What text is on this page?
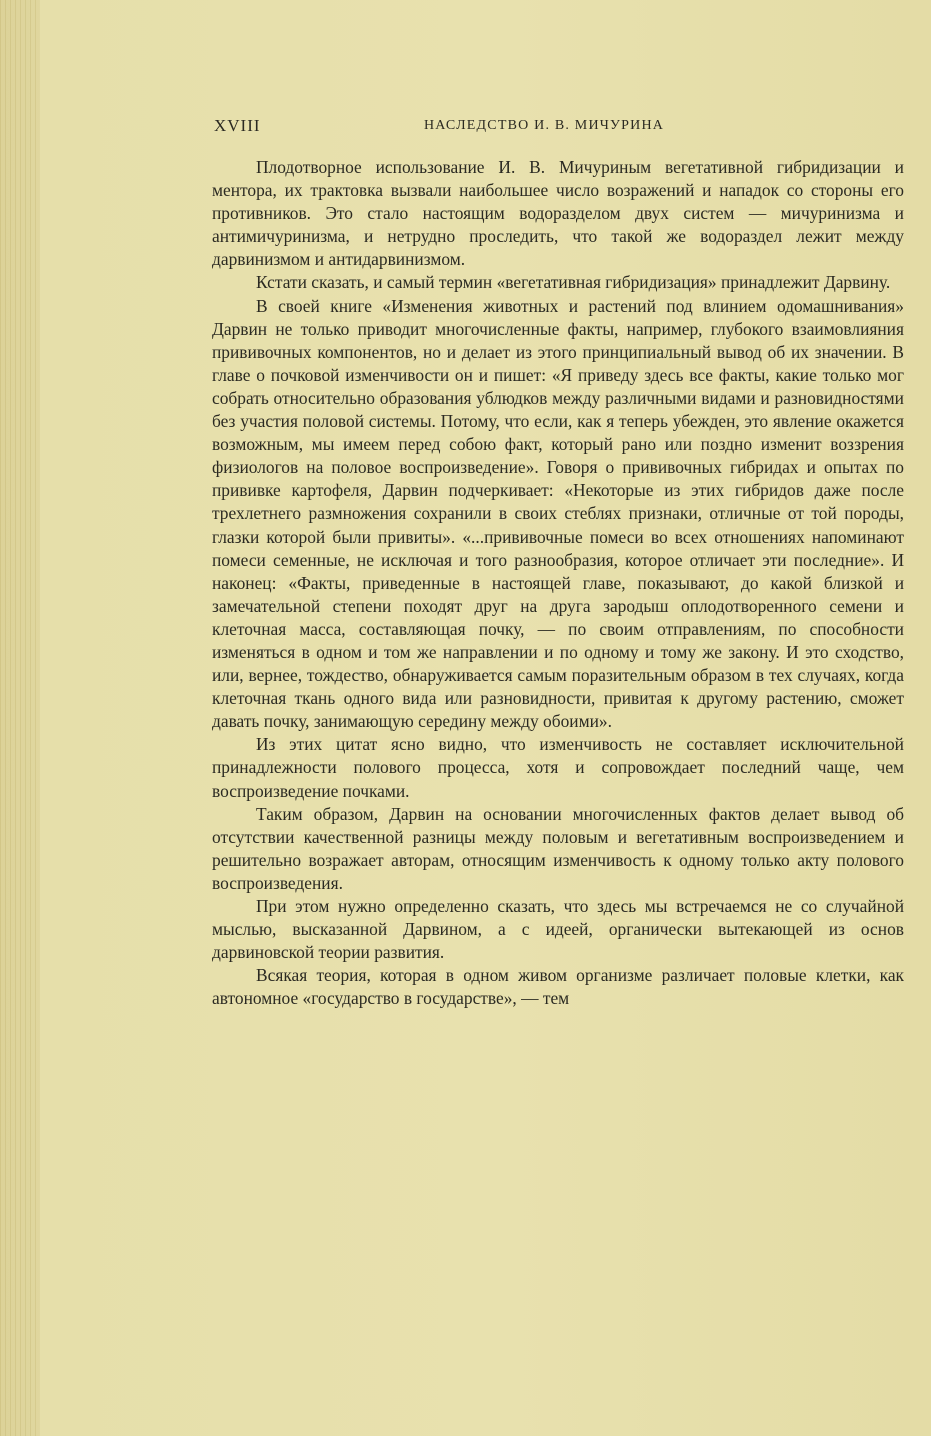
XVIII	НАСЛЕДСТВО И. В. МИЧУРИНА

Плодотворное использование И. В. Мичуриным вегетативной гибридизации и ментора, их трактовка вызвали наибольшее число возражений и нападок со стороны его противников. Это стало настоящим водоразделом двух систем — мичуринизма и антимичуринизма, и нетрудно проследить, что такой же водораздел лежит между дарвинизмом и антидарвинизмом.

Кстати сказать, и самый термин «вегетативная гибридизация» принадлежит Дарвину.

В своей книге «Изменения животных и растений под влинием одомашнивания» Дарвин не только приводит многочисленные факты, например, глубокого взаимовлияния прививочных компонентов, но и делает из этого принципиальный вывод об их значении. В главе о почковой изменчивости он и пишет: «Я приведу здесь все факты, какие только мог собрать относительно образования ублюдков между различными видами и разновидностями без участия половой системы. Потому, что если, как я теперь убежден, это явление окажется возможным, мы имеем перед собою факт, который рано или поздно изменит воззрения физиологов на половое воспроизведение». Говоря о прививочных гибридах и опытах по прививке картофеля, Дарвин подчеркивает: «Некоторые из этих гибридов даже после трехлетнего размножения сохранили в своих стеблях признаки, отличные от той породы, глазки которой были привиты». «...прививочные помеси во всех отношениях напоминают помеси семенные, не исключая и того разнообразия, которое отличает эти последние». И наконец: «Факты, приведенные в настоящей главе, показывают, до какой близкой и замечательной степени походят друг на друга зародыш оплодотворенного семени и клеточная масса, составляющая почку, — по своим отправлениям, по способности изменяться в одном и том же направлении и по одному и тому же закону. И это сходство, или, вернее, тождество, обнаруживается самым поразительным образом в тех случаях, когда клеточная ткань одного вида или разновидности, привитая к другому растению, сможет давать почку, занимающую середину между обоими».

Из этих цитат ясно видно, что изменчивость не составляет исключительной принадлежности полового процесса, хотя и сопровождает последний чаще, чем воспроизведение почками.

Таким образом, Дарвин на основании многочисленных фактов делает вывод об отсутствии качественной разницы между половым и вегетативным воспроизведением и решительно возражает авторам, относящим изменчивость к одному только акту полового воспроизведения.

При этом нужно определенно сказать, что здесь мы встречаемся не со случайной мыслью, высказанной Дарвином, а с идеей, органически вытекающей из основ дарвиновской теории развития.

Всякая теория, которая в одном живом организме различает половые клетки, как автономное «государство в государстве», — тем
